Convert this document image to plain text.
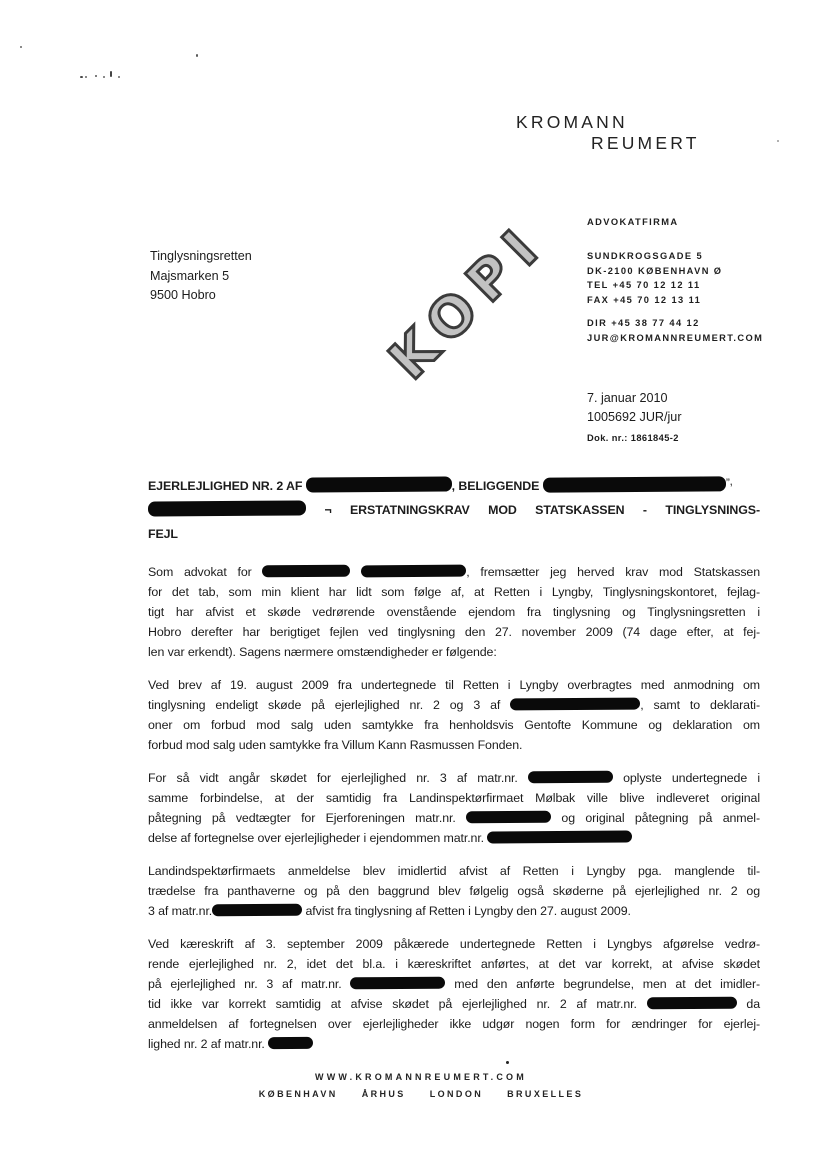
KROMANN
REUMERT
ADVOKATFIRMA
SUNDKROGSGADE 5
DK-2100 KØBENHAVN Ø
TEL +45 70 12 12 11
FAX +45 70 12 13 11
DIR +45 38 77 44 12
JUR@KROMANNREUMERT.COM
7. januar 2010
1005692 JUR/jur
Dok. nr.: 1861845-2
Tinglysningsretten
Majsmarken 5
9500 Hobro	KOPI
EJERLEJLIGHED NR. 2 AF	, BELIGGENDE	”,
¬ ERSTATNINGSKRAV MOD STATSKASSEN - TINGLYSNINGS-
FEJL
Som advokat for	, fremsætter jeg herved krav mod Statskassen
for det tab, som min klient har lidt som følge af, at Retten i Lyngby, Tinglysningskontoret, fejlag-
tigt har afvist et skøde vedrørende ovenstående ejendom fra tinglysning og Tinglysningsretten i
Hobro derefter har berigtiget fejlen ved tinglysning den 27. november 2009 (74 dage efter, at fej-
len var erkendt). Sagens nærmere omstændigheder er følgende:
Ved brev af 19. august 2009 fra undertegnede til Retten i Lyngby overbragtes med anmodning om
tinglysning endeligt skøde på ejerlejlighed nr. 2 og 3 af	, samt to deklarati-
oner om forbud mod salg uden samtykke fra henholdsvis Gentofte Kommune og deklaration om
forbud mod salg uden samtykke fra Villum Kann Rasmussen Fonden.
For så vidt angår skødet for ejerlejlighed nr. 3 af matr.nr.	oplyste undertegnede i
samme forbindelse, at der samtidig fra Landinspektørfirmaet Mølbak ville blive indleveret original
påtegning på vedtægter for Ejerforeningen matr.nr.	og original påtegning på anmel-
delse af fortegnelse over ejerlejligheder i ejendommen matr.nr.
Landindspektørfirmaets anmeldelse blev imidlertid afvist af Retten i Lyngby pga. manglende til-
trædelse fra panthaverne og på den baggrund blev følgelig også skøderne på ejerlejlighed nr. 2 og
3 af matr.nr.	afvist fra tinglysning af Retten i Lyngby den 27. august 2009.
Ved kæreskrift af 3. september 2009 påkærede undertegnede Retten i Lyngbys afgørelse vedrø-
rende ejerlejlighed nr. 2, idet det bl.a. i kæreskriftet anførtes, at det var korrekt, at afvise skødet
på ejerlejlighed nr. 3 af matr.nr.	med den anførte begrundelse, men at det imidler-
tid ikke var korrekt samtidig at afvise skødet på ejerlejlighed nr. 2 af matr.nr.	da
anmeldelsen af fortegnelsen over ejerlejligheder ikke udgør nogen form for ændringer for ejerlej-
lighed nr. 2 af matr.nr.
WWW.KROMANNREUMERT.COM
KØBENHAVN	ÅRHUS	LONDON	BRUXELLES
